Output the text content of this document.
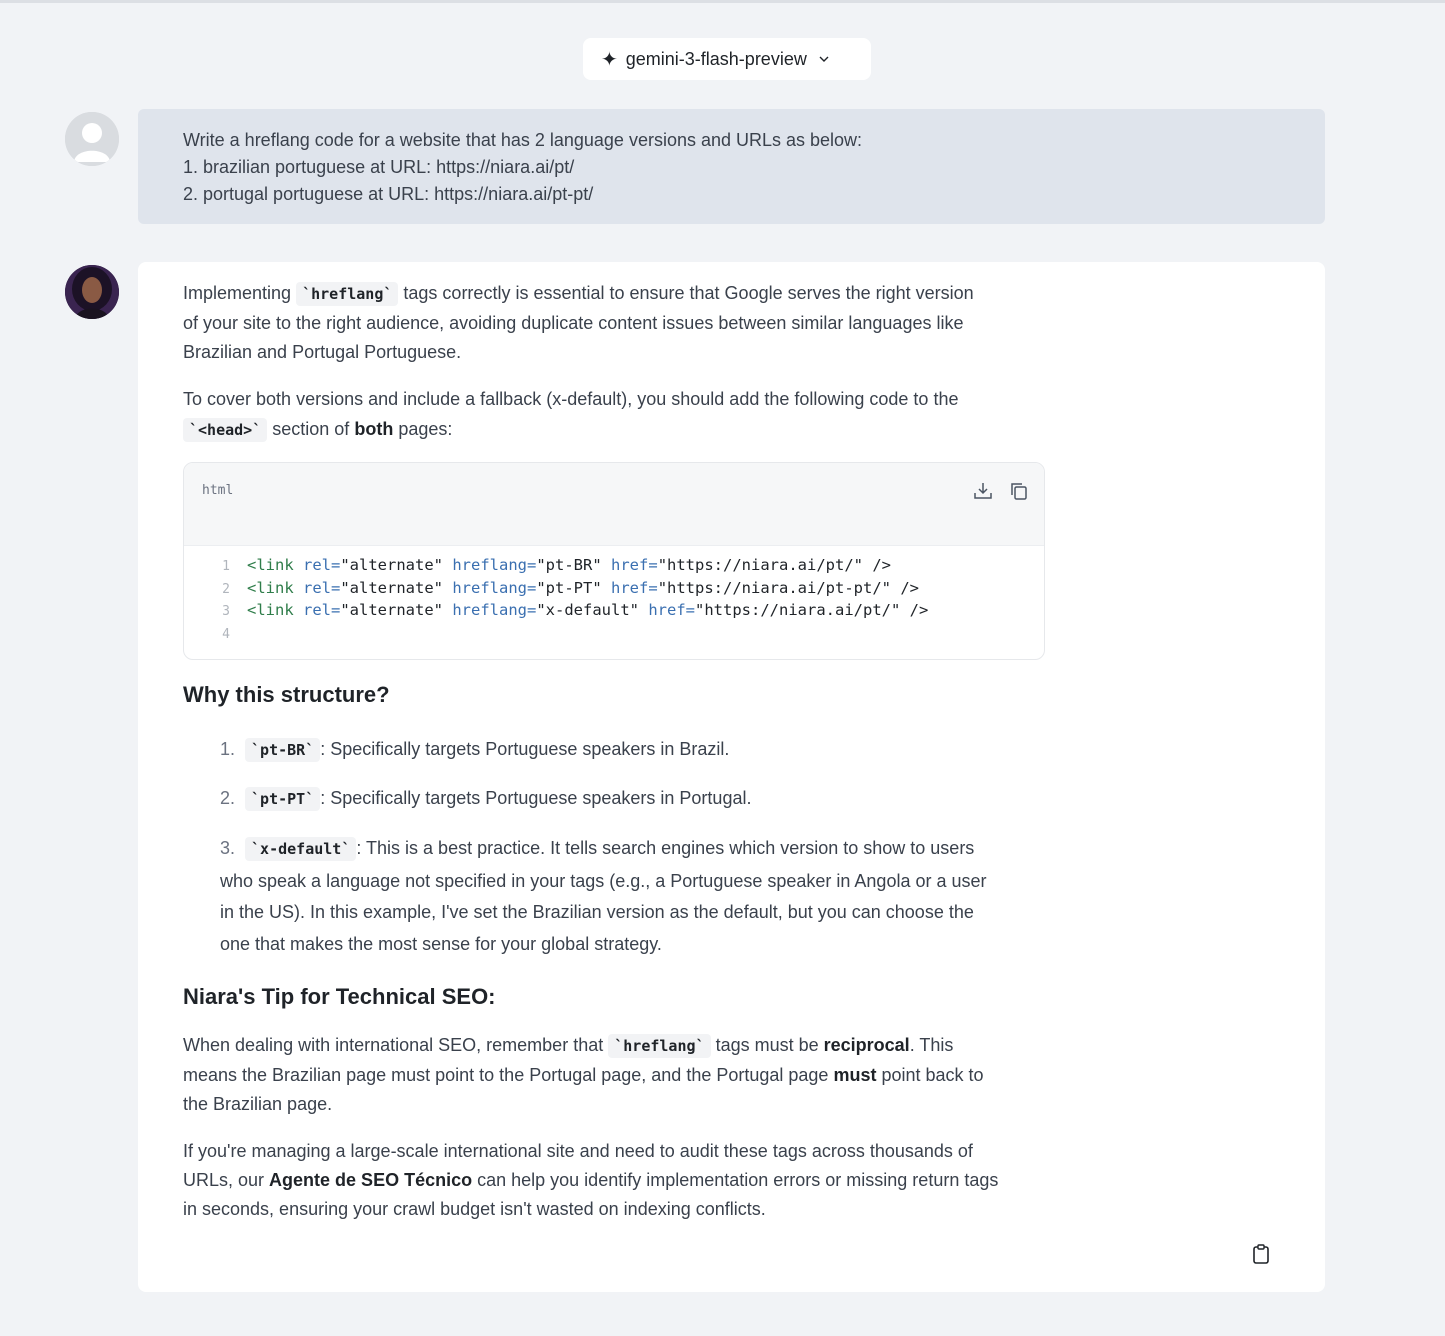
✦ gemini-3-flash-preview
Write a hreflang code for a website that has 2 language versions and URLs as below:
1. brazilian portuguese at URL: https://niara.ai/pt/
2. portugal portuguese at URL: https://niara.ai/pt-pt/

Implementing `hreflang` tags correctly is essential to ensure that Google serves the right version
of your site to the right audience, avoiding duplicate content issues between similar languages like
Brazilian and Portugal Portuguese.

To cover both versions and include a fallback (x-default), you should add the following code to the
`<head>` section of both pages:

html
1 <link rel="alternate" hreflang="pt-BR" href="https://niara.ai/pt/" />
2 <link rel="alternate" hreflang="pt-PT" href="https://niara.ai/pt-pt/" />
3 <link rel="alternate" hreflang="x-default" href="https://niara.ai/pt/" />
4
Why this structure?
1. `pt-BR` : Specifically targets Portuguese speakers in Brazil.
2. `pt-PT` : Specifically targets Portuguese speakers in Portugal.
3. `x-default` : This is a best practice. It tells search engines which version to show to users
who speak a language not specified in your tags (e.g., a Portuguese speaker in Angola or a user
in the US). In this example, I've set the Brazilian version as the default, but you can choose the
one that makes the most sense for your global strategy.
Niara's Tip for Technical SEO:

When dealing with international SEO, remember that `hreflang` tags must be reciprocal. This
means the Brazilian page must point to the Portugal page, and the Portugal page must point back to
the Brazilian page.

If you're managing a large-scale international site and need to audit these tags across thousands of
URLs, our Agente de SEO Técnico can help you identify implementation errors or missing return tags
in seconds, ensuring your crawl budget isn't wasted on indexing conflicts.
